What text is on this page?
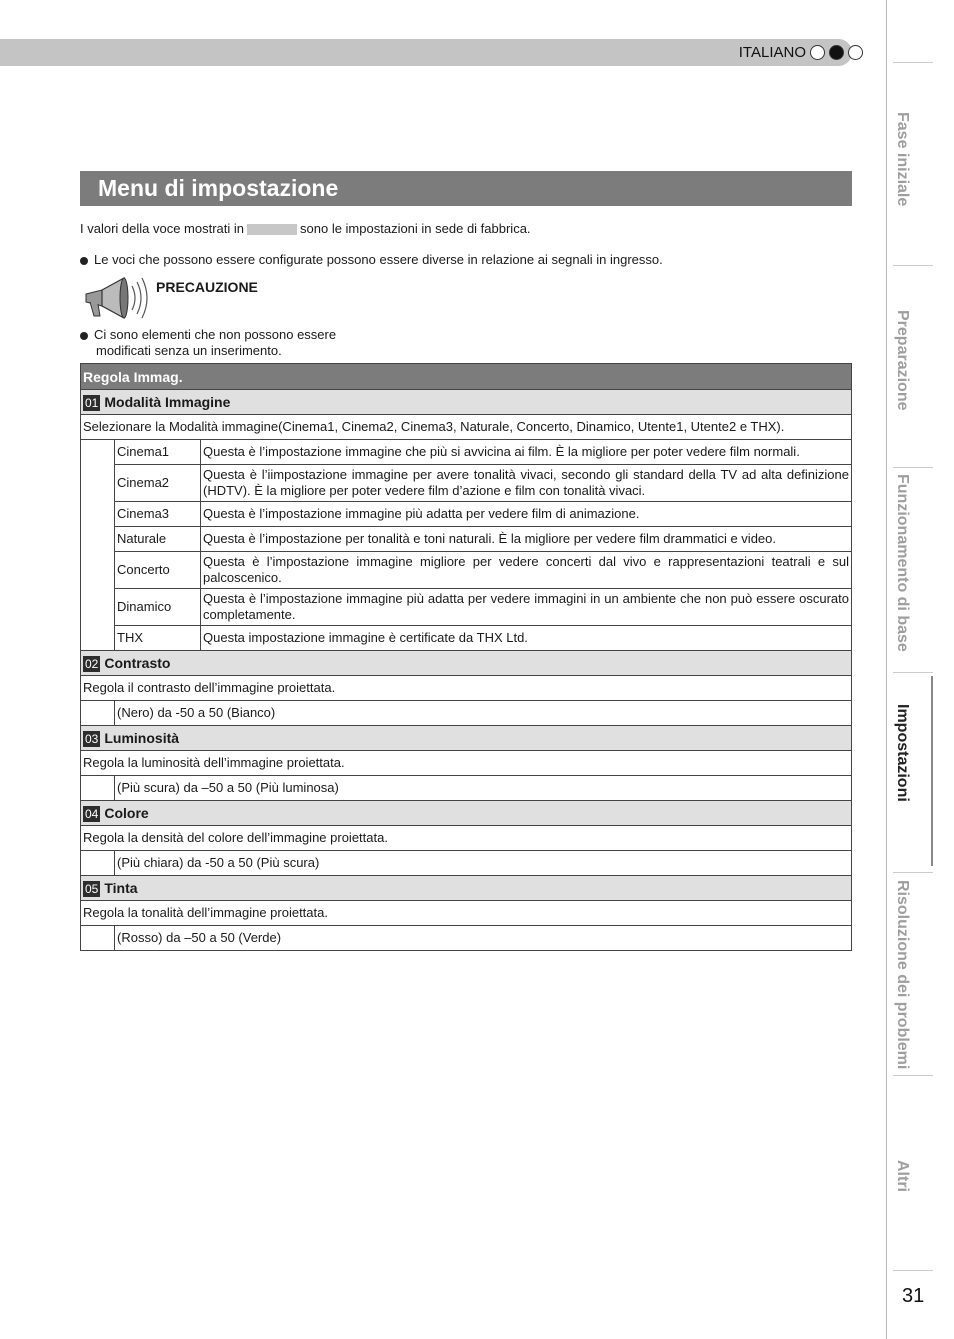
ITALIANO
Menu di impostazione
I valori della voce mostrati in	sono le impostazioni in sede di fabbrica.
Le voci che possono essere configurate possono essere diverse in relazione ai segnali in ingresso.
PRECAUZIONE
Ci sono elementi che non possono essere
modificati senza un inserimento.
Regola Immag.		
01 Modalità Immagine		
Selezionare la Modalità immagine(Cinema1, Cinema2, Cinema3, Naturale, Concerto, Dinamico, Utente1, Utente2 e THX).		
	Cinema1	Questa è l’impostazione immagine che più si avvicina ai film. È la migliore per poter vedere film normali.
	Cinema2	Questa è l’iimpostazione immagine per avere tonalità vivaci, secondo gli standard della TV ad alta definizione (HDTV). È la migliore per poter vedere film d’azione e film con tonalità vivaci.
	Cinema3	Questa è l’impostazione immagine più adatta per vedere film di animazione.
	Naturale	Questa è l’impostazione per tonalità e toni naturali. È la migliore per vedere film drammatici e video.
	Concerto	Questa è l’impostazione immagine migliore per vedere concerti dal vivo e rappresentazioni teatrali e sul palcoscenico.
	Dinamico	Questa è l’impostazione immagine più adatta per vedere immagini in un ambiente che non può essere oscurato completamente.
	THX	Questa impostazione immagine è certificate da THX Ltd.
02 Contrasto		
Regola il contrasto dell’immagine proiettata.		
	(Nero) da -50 a 50 (Bianco)	
03 Luminosità		
Regola la luminosità dell’immagine proiettata.		
	(Più scura) da –50 a 50 (Più luminosa)	
04 Colore		
Regola la densità del colore dell’immagine proiettata.		
	(Più chiara) da -50 a 50 (Più scura)	
05 Tinta		
Regola la tonalità dell’immagine proiettata.		
	(Rosso) da –50 a 50 (Verde)	
Fase iniziale
Preparazione
Funzionamento di base
Impostazioni
Risoluzione dei problemi
Altri
31
